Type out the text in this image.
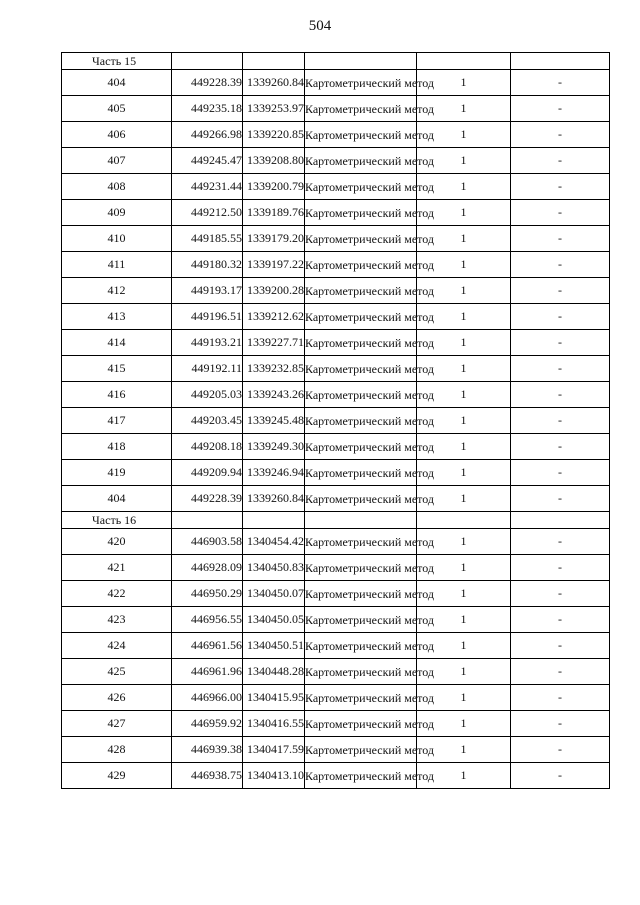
504
Часть 15					
404	449228.39	1339260.84	Картометрический метод	1	-
405	449235.18	1339253.97	Картометрический метод	1	-
406	449266.98	1339220.85	Картометрический метод	1	-
407	449245.47	1339208.80	Картометрический метод	1	-
408	449231.44	1339200.79	Картометрический метод	1	-
409	449212.50	1339189.76	Картометрический метод	1	-
410	449185.55	1339179.20	Картометрический метод	1	-
411	449180.32	1339197.22	Картометрический метод	1	-
412	449193.17	1339200.28	Картометрический метод	1	-
413	449196.51	1339212.62	Картометрический метод	1	-
414	449193.21	1339227.71	Картометрический метод	1	-
415	449192.11	1339232.85	Картометрический метод	1	-
416	449205.03	1339243.26	Картометрический метод	1	-
417	449203.45	1339245.48	Картометрический метод	1	-
418	449208.18	1339249.30	Картометрический метод	1	-
419	449209.94	1339246.94	Картометрический метод	1	-
404	449228.39	1339260.84	Картометрический метод	1	-
Часть 16					
420	446903.58	1340454.42	Картометрический метод	1	-
421	446928.09	1340450.83	Картометрический метод	1	-
422	446950.29	1340450.07	Картометрический метод	1	-
423	446956.55	1340450.05	Картометрический метод	1	-
424	446961.56	1340450.51	Картометрический метод	1	-
425	446961.96	1340448.28	Картометрический метод	1	-
426	446966.00	1340415.95	Картометрический метод	1	-
427	446959.92	1340416.55	Картометрический метод	1	-
428	446939.38	1340417.59	Картометрический метод	1	-
429	446938.75	1340413.10	Картометрический метод	1	-
